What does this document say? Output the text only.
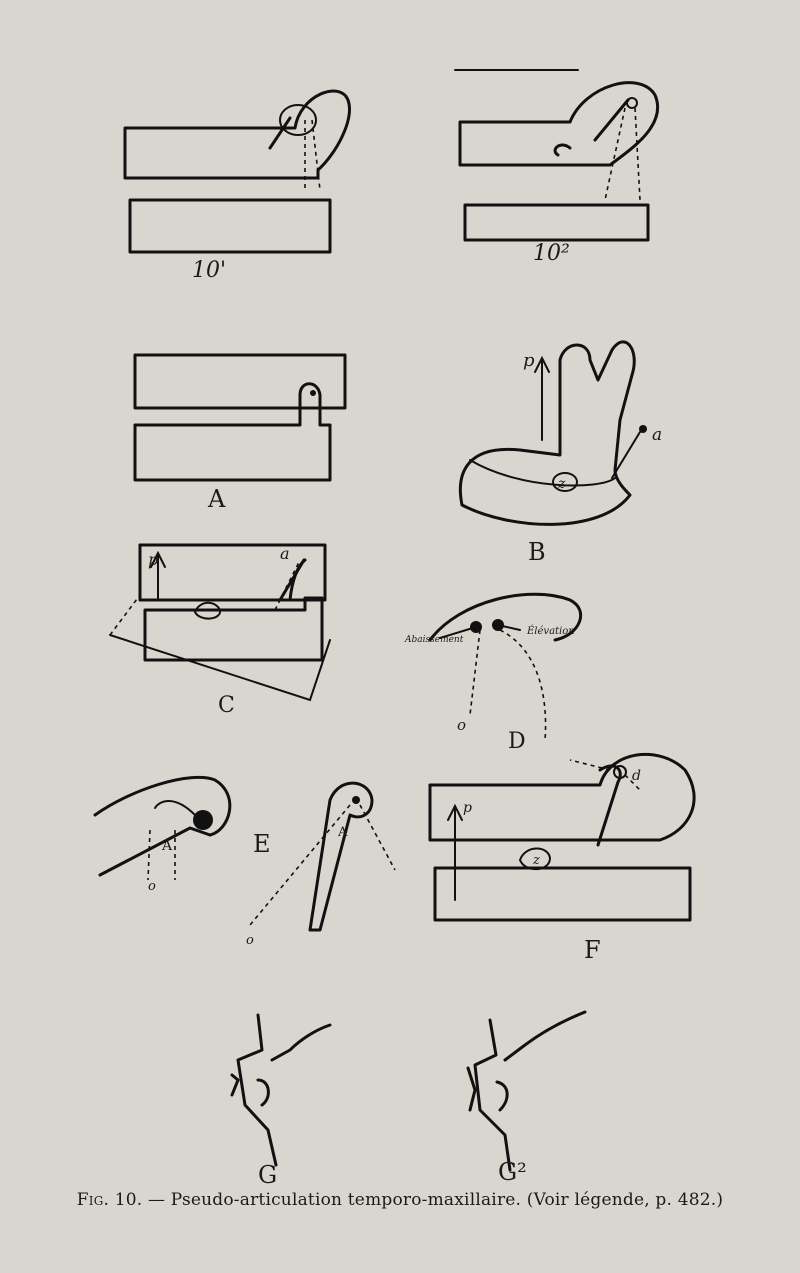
10'
10²
A
p
a
z
B
p	a
C
Abaissement
Élévation
o
D
A
o
E	A
o
p
d
z
F
G	G²
Fig. 10. — Pseudo-articulation temporo-maxillaire. (Voir légende, p. 482.)
